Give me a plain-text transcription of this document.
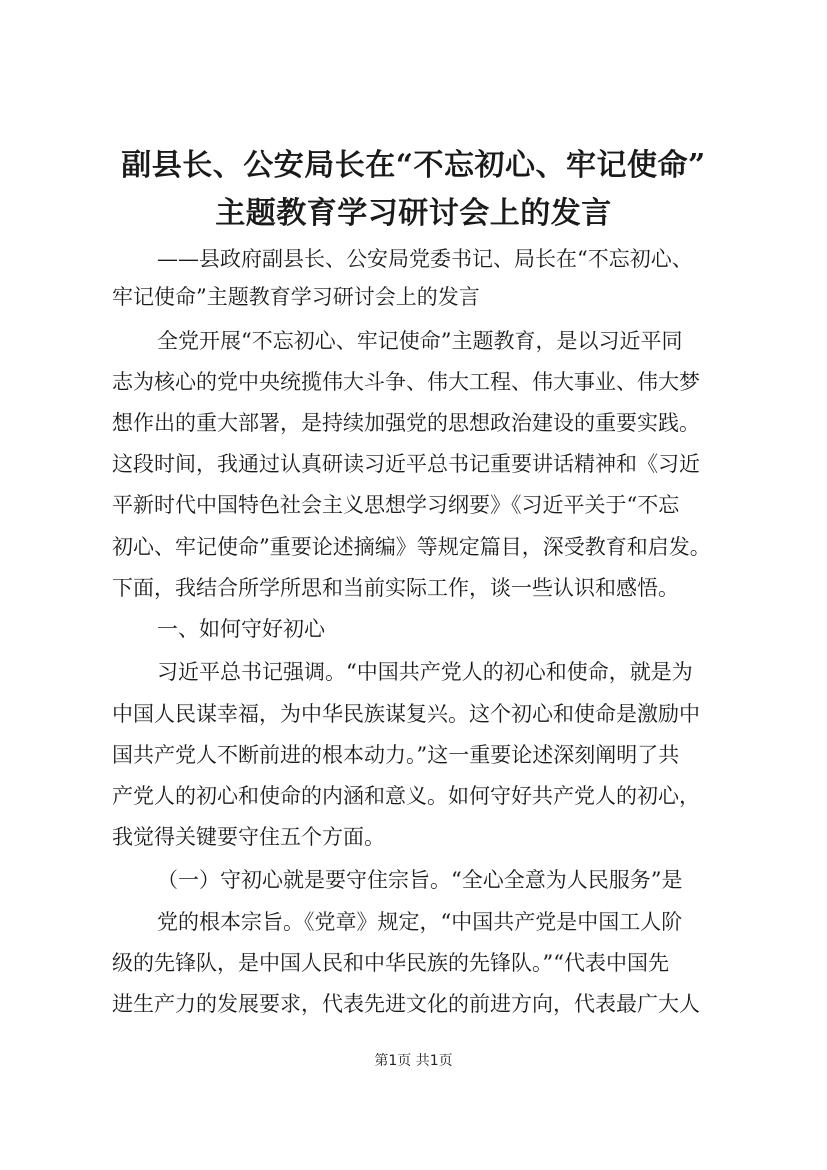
副县长、公安局长在“不忘初心、牢记使命”
主题教育学习研讨会上的发言
——县政府副县长、公安局党委书记、局长在“不忘初心、
牢记使命”主题教育学习研讨会上的发言
全党开展“不忘初心、牢记使命”主题教育，是以习近平同
志为核心的党中央统揽伟大斗争、伟大工程、伟大事业、伟大梦
想作出的重大部署，是持续加强党的思想政治建设的重要实践。
这段时间，我通过认真研读习近平总书记重要讲话精神和《习近
平新时代中国特色社会主义思想学习纲要》《习近平关于“不忘
初心、牢记使命”重要论述摘编》等规定篇目，深受教育和启发。
下面，我结合所学所思和当前实际工作，谈一些认识和感悟。
一、如何守好初心
习近平总书记强调。“中国共产党人的初心和使命，就是为
中国人民谋幸福，为中华民族谋复兴。这个初心和使命是激励中
国共产党人不断前进的根本动力。”这一重要论述深刻阐明了共
产党人的初心和使命的内涵和意义。如何守好共产党人的初心，
我觉得关键要守住五个方面。
（一）守初心就是要守住宗旨。“全心全意为人民服务”是
党的根本宗旨。《党章》规定，“中国共产党是中国工人阶
级的先锋队，是中国人民和中华民族的先锋队。”“代表中国先
进生产力的发展要求，代表先进文化的前进方向，代表最广大人
第1页 共1页
